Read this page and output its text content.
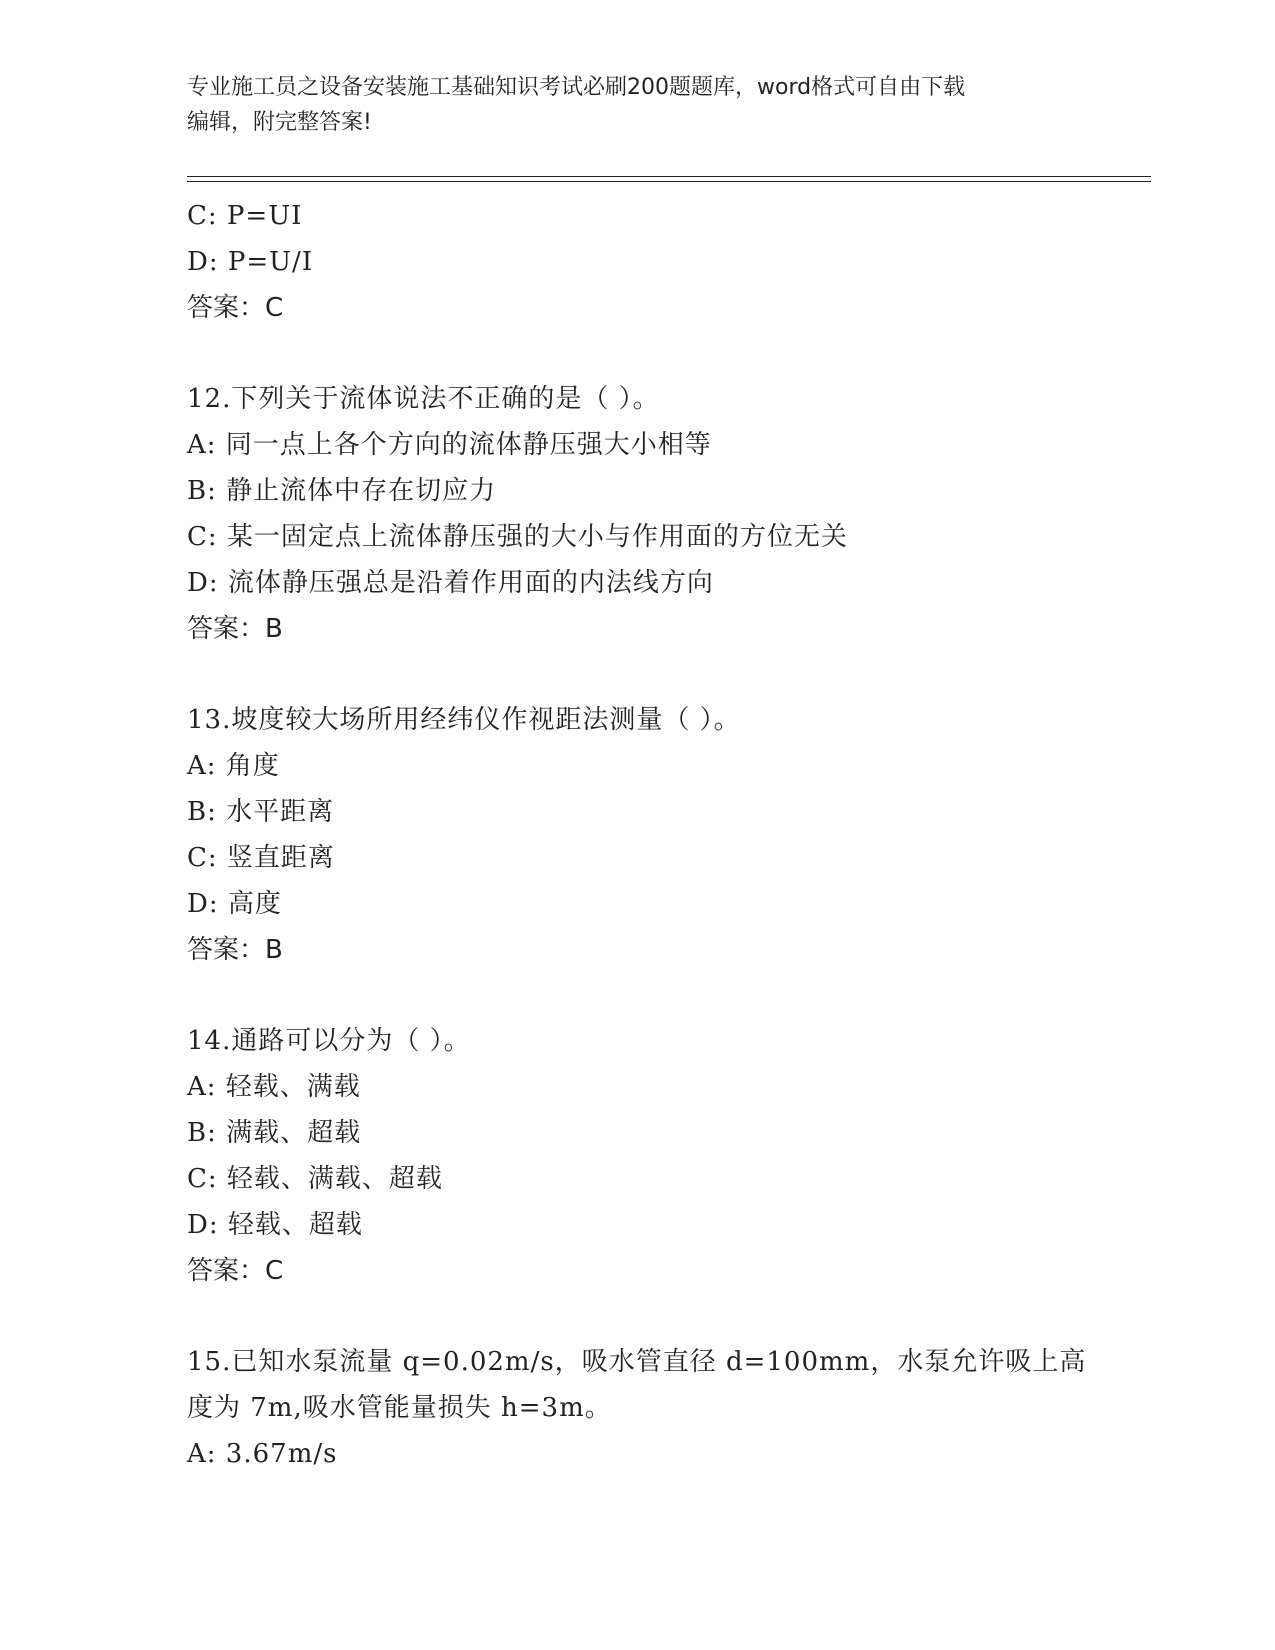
专业施工员之设备安装施工基础知识考试必刷200题题库，word格式可自由下载
编辑，附完整答案!
C: P=UI
D: P=U/I
答案：C
12.下列关于流体说法不正确的是（ ）。
A: 同一点上各个方向的流体静压强大小相等
B: 静止流体中存在切应力
C: 某一固定点上流体静压强的大小与作用面的方位无关
D: 流体静压强总是沿着作用面的内法线方向
答案：B
13.坡度较大场所用经纬仪作视距法测量（ ）。
A: 角度
B: 水平距离
C: 竖直距离
D: 高度
答案：B
14.通路可以分为（ ）。
A: 轻载、满载
B: 满载、超载
C: 轻载、满载、超载
D: 轻载、超载
答案：C
15.已知水泵流量 q=0.02m/s，吸水管直径 d=100mm，水泵允许吸上高
度为 7m,吸水管能量损失 h=3m。
A: 3.67m/s
